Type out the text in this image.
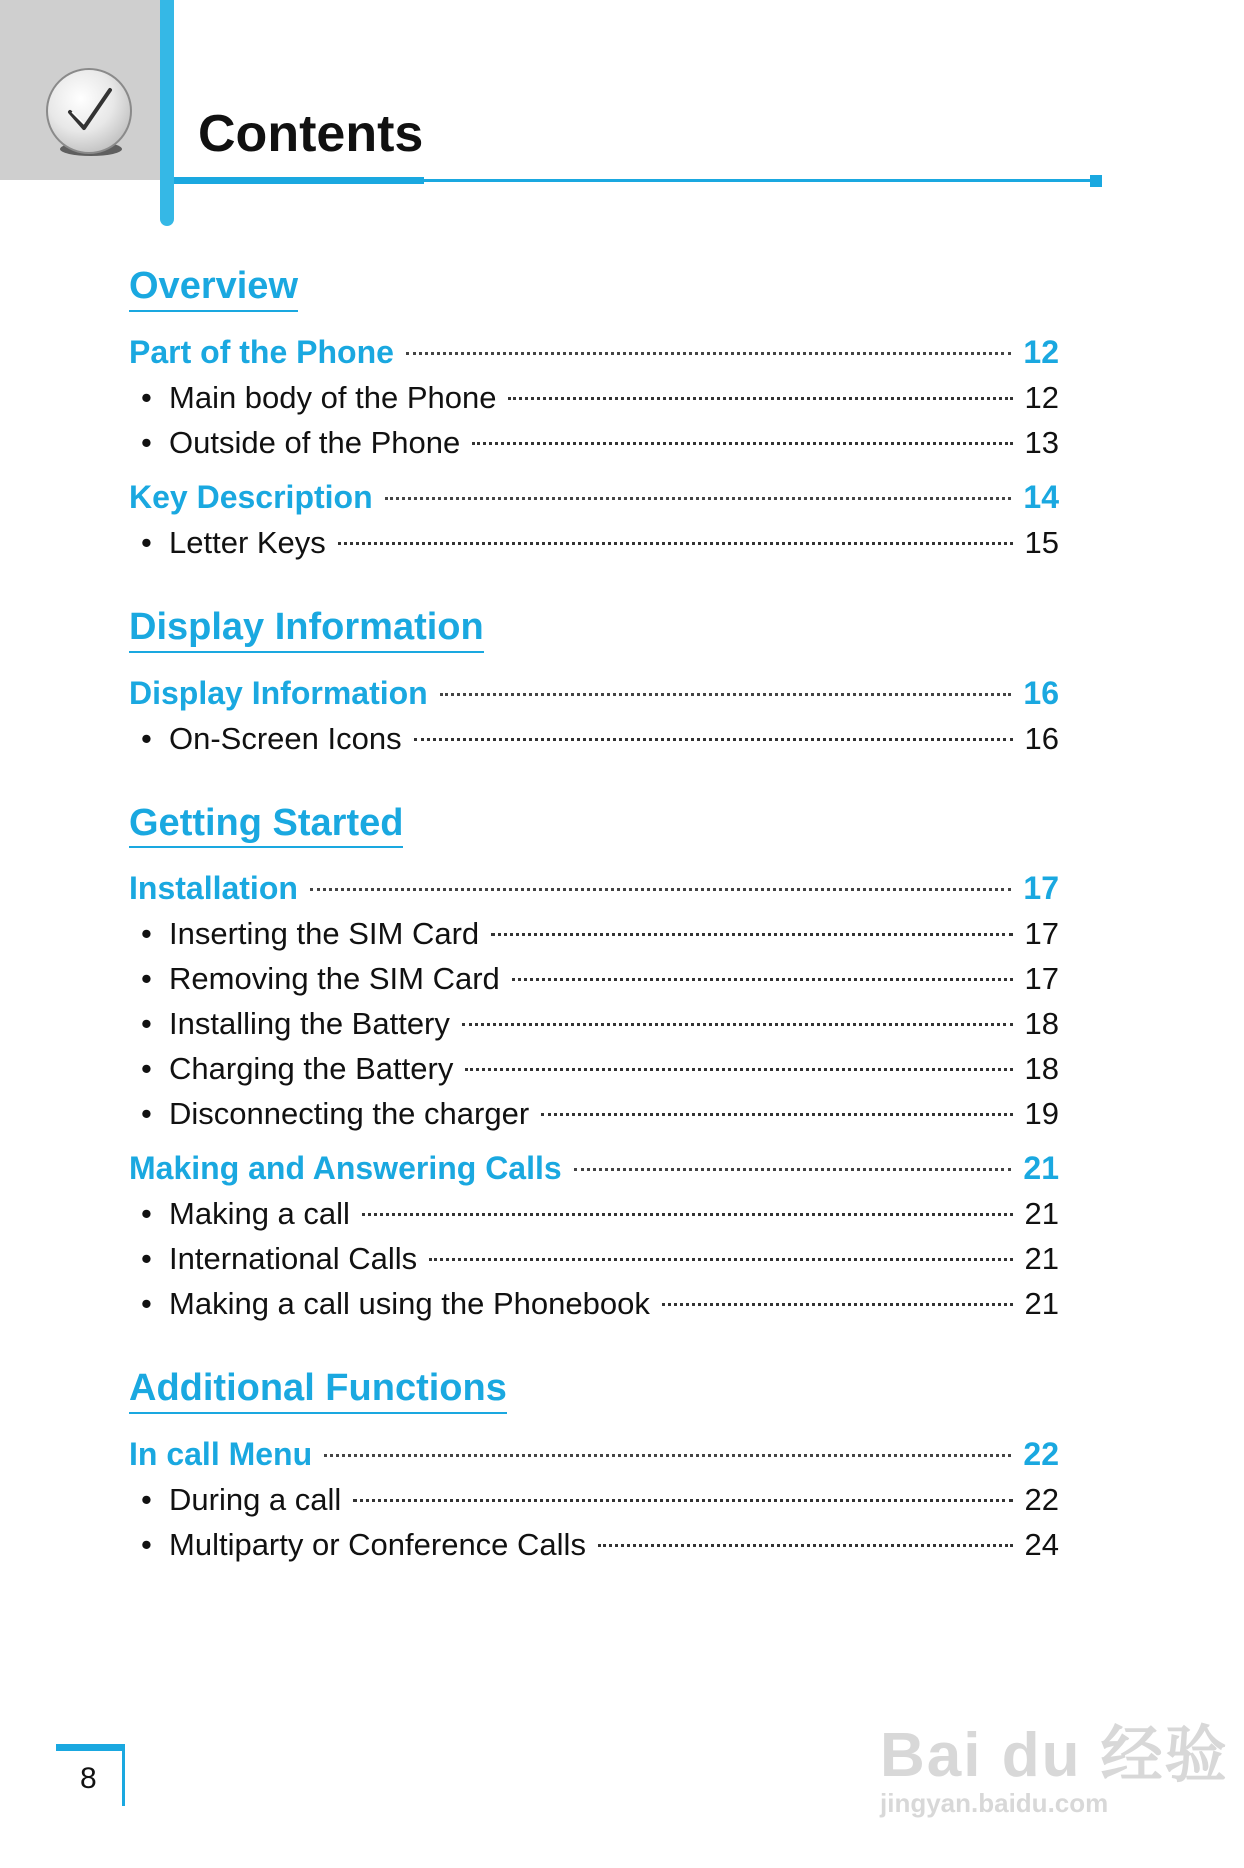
Contents
Overview
Part of the Phone	12
• Main body of the Phone	12
• Outside of the Phone	13
Key Description	14
• Letter Keys	15
Display Information
Display Information	16
• On-Screen Icons	16
Getting Started
Installation	17
• Inserting the SIM Card	17
• Removing the SIM Card	17
• Installing the Battery	18
• Charging the Battery	18
• Disconnecting the charger	19
Making and Answering Calls	21
• Making a call	21
• International Calls	21
• Making a call using the Phonebook	21
Additional Functions
In call Menu	22
• During a call	22
• Multiparty or Conference Calls	24
8	Bai du 经验
jingyan.baidu.com
